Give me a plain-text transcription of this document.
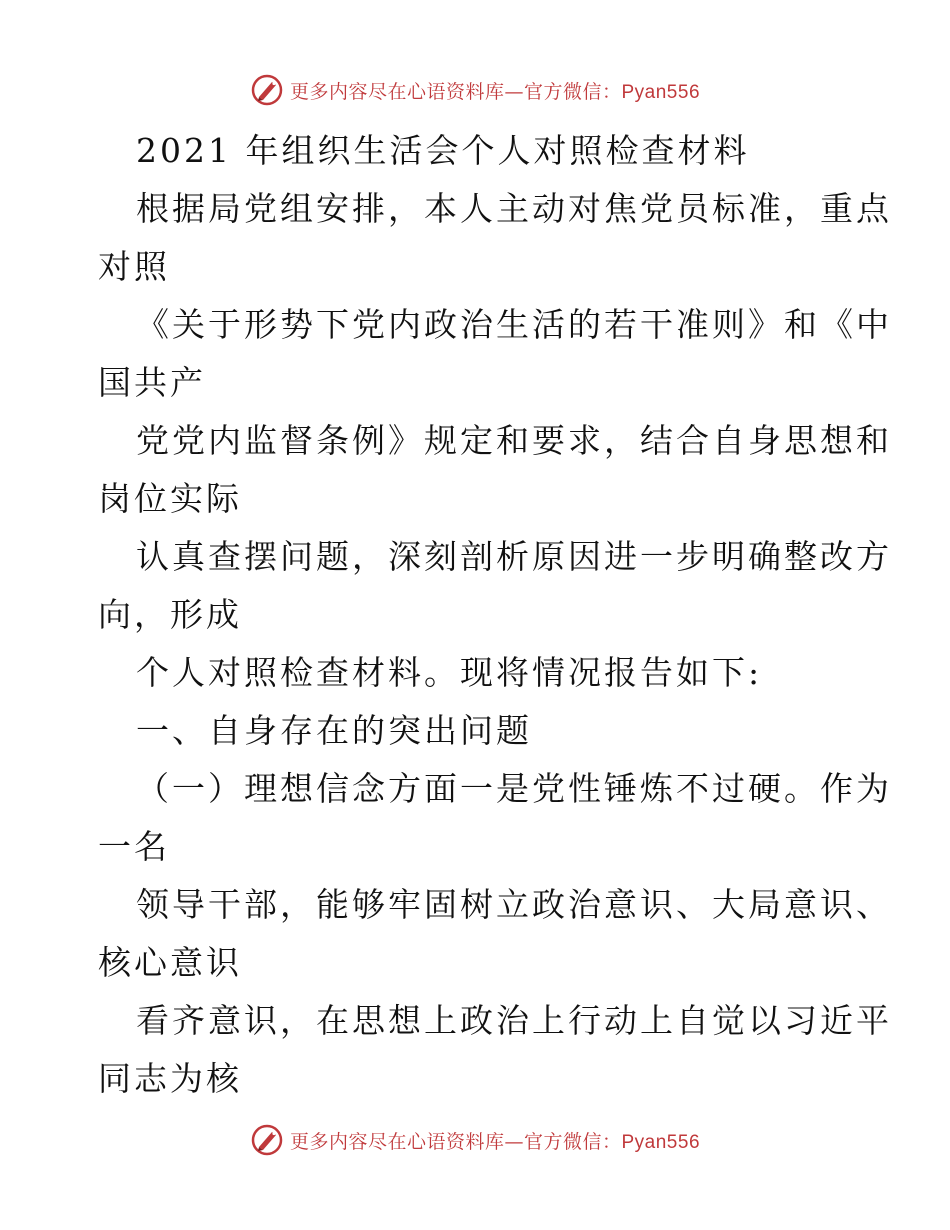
更多内容尽在心语资料库—官方微信：Pyan556
2021 年组织生活会个人对照检查材料
根据局党组安排，本人主动对焦党员标准，重点
对照
《关于形势下党内政治生活的若干准则》和《中
国共产
党党内监督条例》规定和要求，结合自身思想和
岗位实际
认真查摆问题，深刻剖析原因进一步明确整改方
向，形成
个人对照检查材料。现将情况报告如下:
一、自身存在的突出问题
（一）理想信念方面一是党性锤炼不过硬。作为
一名
领导干部，能够牢固树立政治意识、大局意识、
核心意识
看齐意识，在思想上政治上行动上自觉以习近平
同志为核
更多内容尽在心语资料库—官方微信：Pyan556
